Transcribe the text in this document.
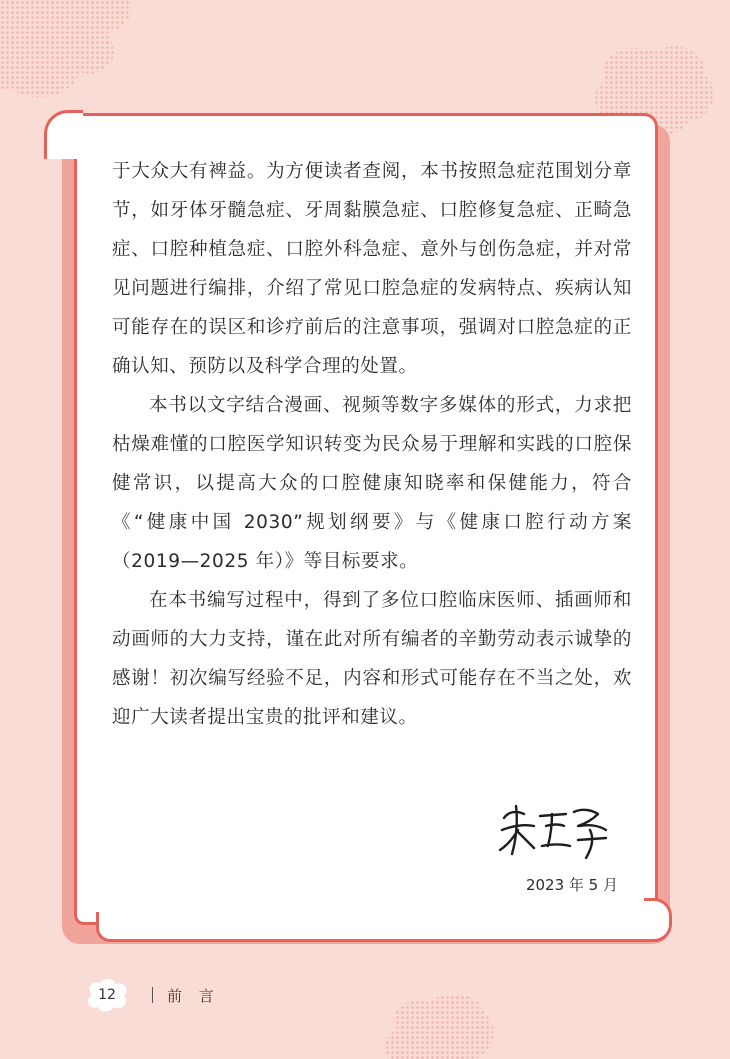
于大众大有裨益。为方便读者查阅，本书按照急症范围划分章节，如牙体牙髓急症、牙周黏膜急症、口腔修复急症、正畸急症、口腔种植急症、口腔外科急症、意外与创伤急症，并对常见问题进行编排，介绍了常见口腔急症的发病特点、疾病认知可能存在的误区和诊疗前后的注意事项，强调对口腔急症的正确认知、预防以及科学合理的处置。

本书以文字结合漫画、视频等数字多媒体的形式，力求把枯燥难懂的口腔医学知识转变为民众易于理解和实践的口腔保健常识，以提高大众的口腔健康知晓率和保健能力，符合《“健康中国 2030”规划纲要》与《健康口腔行动方案（2019—2025 年）》等目标要求。

在本书编写过程中，得到了多位口腔临床医师、插画师和动画师的大力支持，谨在此对所有编者的辛勤劳动表示诚挚的感谢！初次编写经验不足，内容和形式可能存在不当之处，欢迎广大读者提出宝贵的批评和建议。

2023 年 5 月
12	前 言
